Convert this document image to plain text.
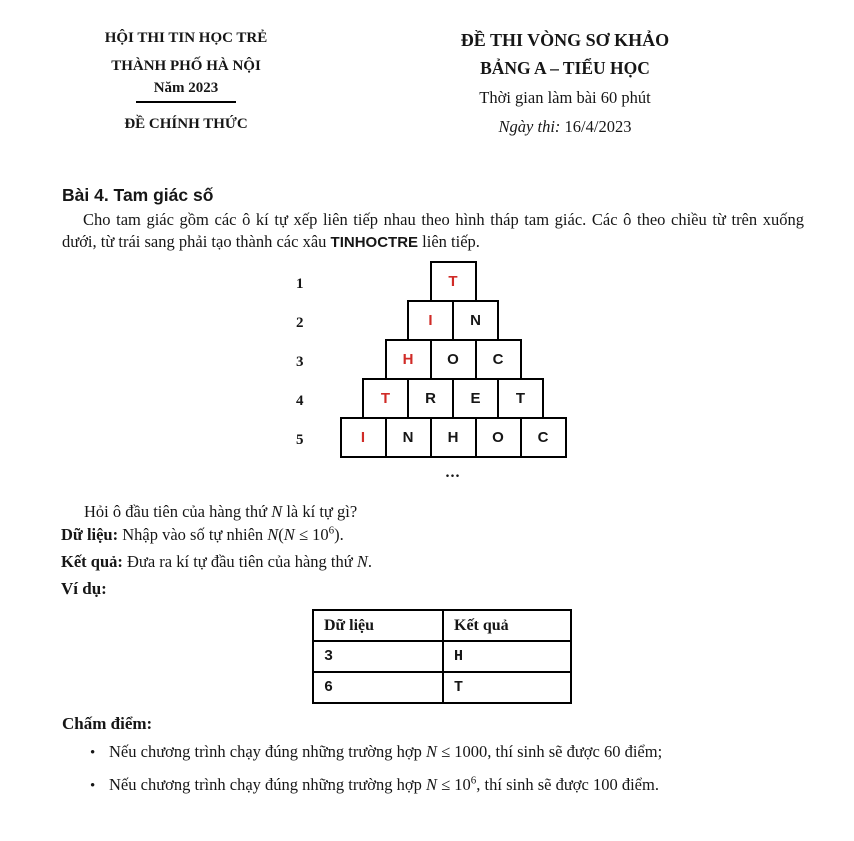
HỘI THI TIN HỌC TRẺ
THÀNH PHỐ HÀ NỘI
Năm 2023
ĐỀ CHÍNH THỨC
ĐỀ THI VÒNG SƠ KHẢO
BẢNG A – TIỂU HỌC
Thời gian làm bài 60 phút
Ngày thi: 16/4/2023
Bài 4. Tam giác số
Cho tam giác gồm các ô kí tự xếp liên tiếp nhau theo hình tháp tam giác. Các ô theo chiều từ trên xuống dưới, từ trái sang phải tạo thành các xâu TINHOCTRE liên tiếp.
1	T
2	I	N
3	H	O	C
4	T	R	E	T
5	I	N	H	O	C
...
Hỏi ô đầu tiên của hàng thứ N là kí tự gì?
Dữ liệu: Nhập vào số tự nhiên $N(N \le 10^6)$.
Kết quả: Đưa ra kí tự đầu tiên của hàng thứ N.
Ví dụ:
Dữ liệu	Kết quả
3	H
6	T
Chấm điểm:
• Nếu chương trình chạy đúng những trường hợp N ≤ 1000, thí sinh sẽ được 60 điểm;
• Nếu chương trình chạy đúng những trường hợp $N \le 10^6$, thí sinh sẽ được 100 điểm.
